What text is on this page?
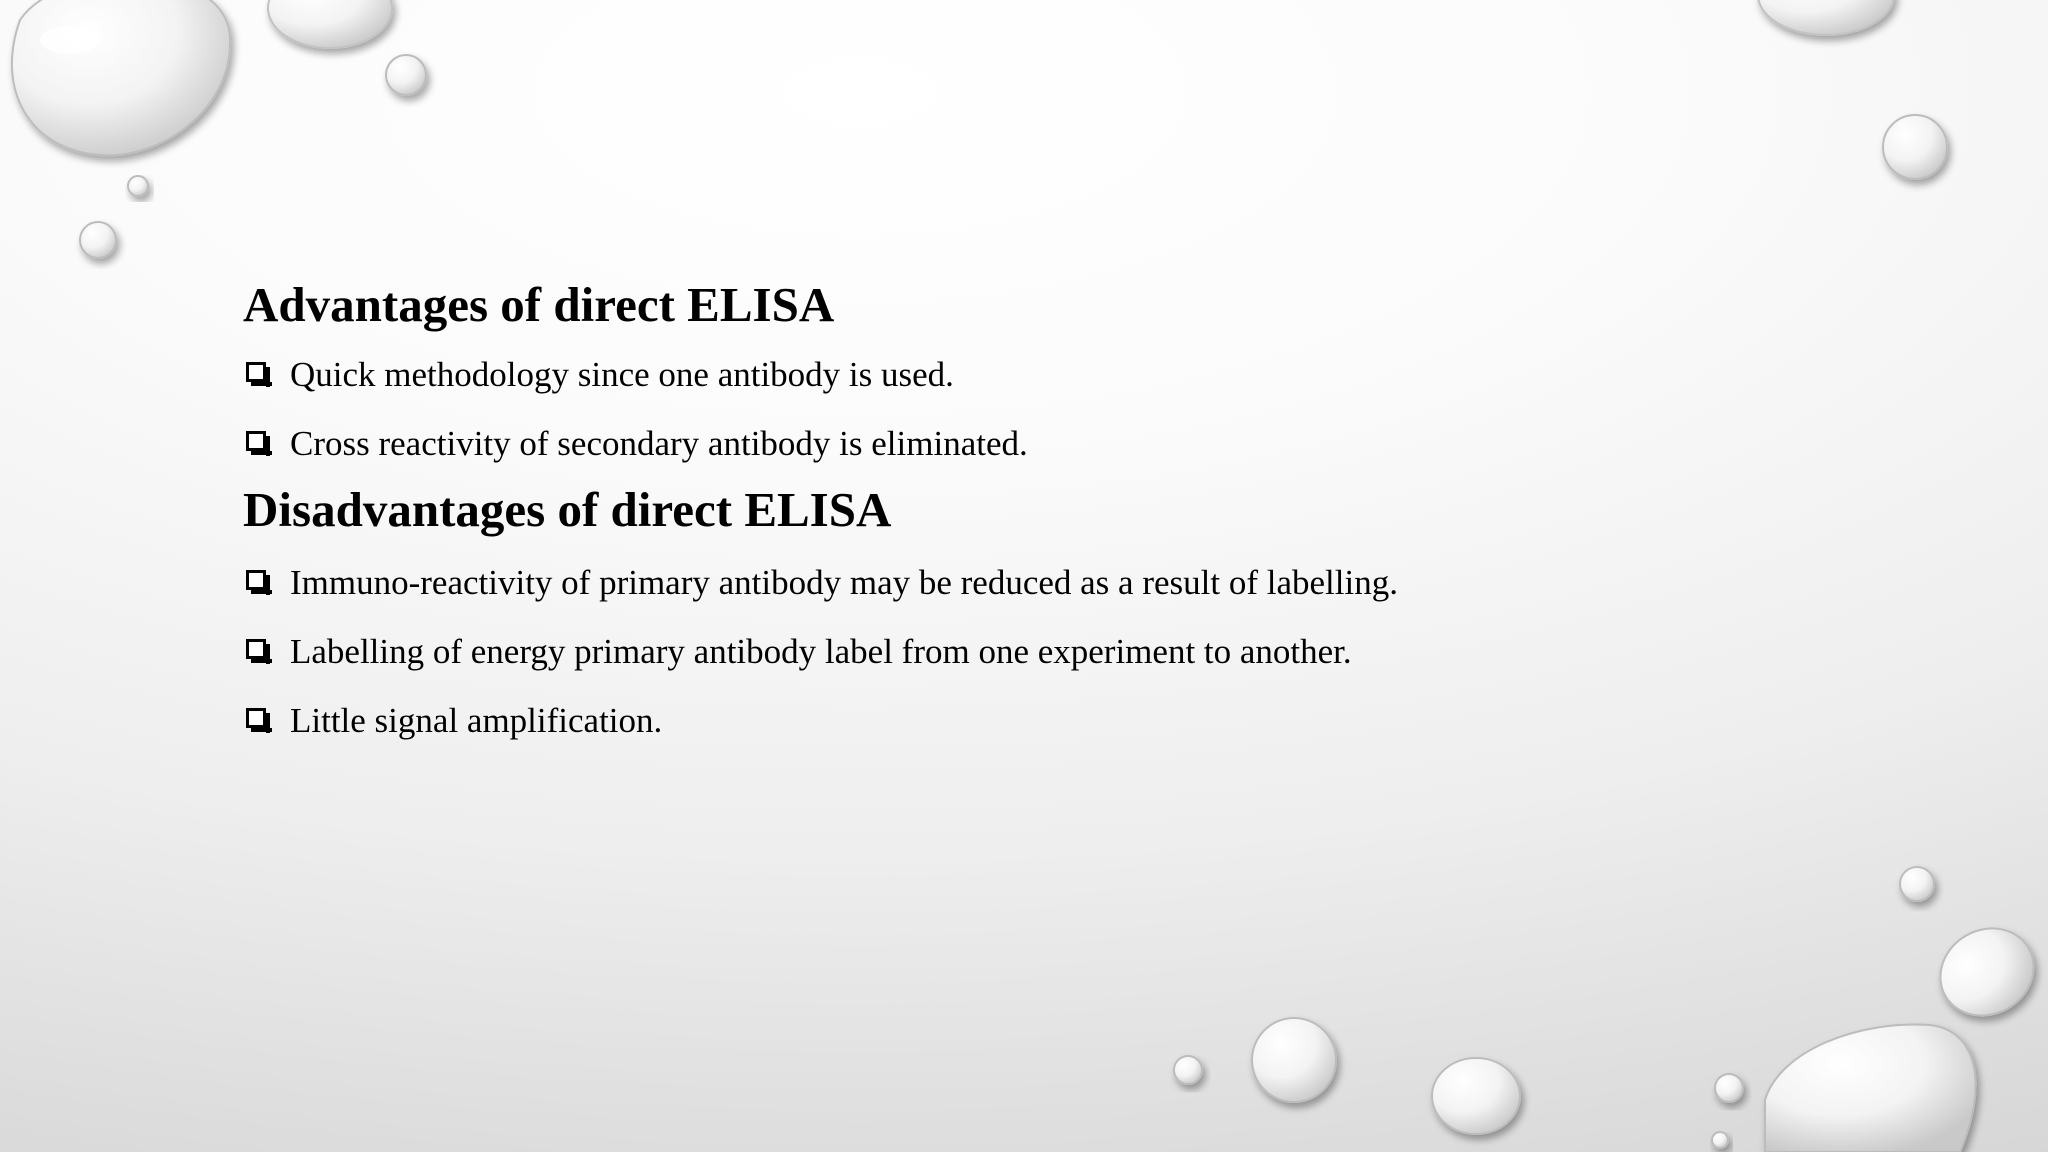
Advantages of direct ELISA
Quick methodology since one antibody is used.
Cross reactivity of secondary antibody is eliminated.
Disadvantages of direct ELISA
Immuno-reactivity of primary antibody may be reduced as a result of labelling.
Labelling of energy primary antibody label from one experiment to another.
Little signal amplification.
